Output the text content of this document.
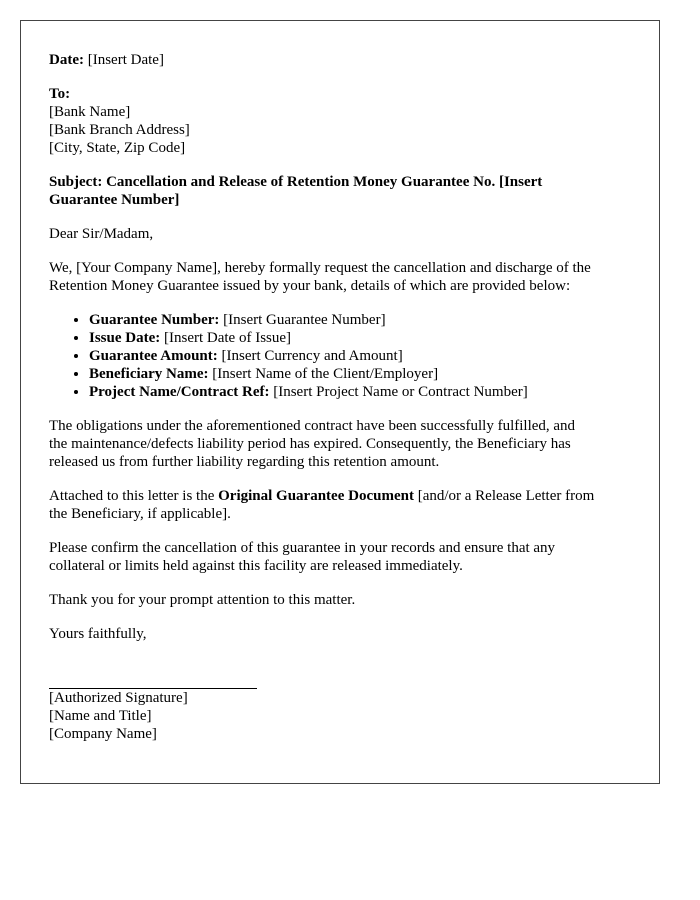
Date: [Insert Date]

To:
[Bank Name]
[Bank Branch Address]
[City, State, Zip Code]

Subject: Cancellation and Release of Retention Money Guarantee No. [Insert
Guarantee Number]

Dear Sir/Madam,

We, [Your Company Name], hereby formally request the cancellation and discharge of the
Retention Money Guarantee issued by your bank, details of which are provided below:

• Guarantee Number: [Insert Guarantee Number]
• Issue Date: [Insert Date of Issue]
• Guarantee Amount: [Insert Currency and Amount]
• Beneficiary Name: [Insert Name of the Client/Employer]
• Project Name/Contract Ref: [Insert Project Name or Contract Number]

The obligations under the aforementioned contract have been successfully fulfilled, and
the maintenance/defects liability period has expired. Consequently, the Beneficiary has
released us from further liability regarding this retention amount.

Attached to this letter is the Original Guarantee Document [and/or a Release Letter from
the Beneficiary, if applicable].

Please confirm the cancellation of this guarantee in your records and ensure that any
collateral or limits held against this facility are released immediately.

Thank you for your prompt attention to this matter.

Yours faithfully,

[Authorized Signature]
[Name and Title]
[Company Name]
